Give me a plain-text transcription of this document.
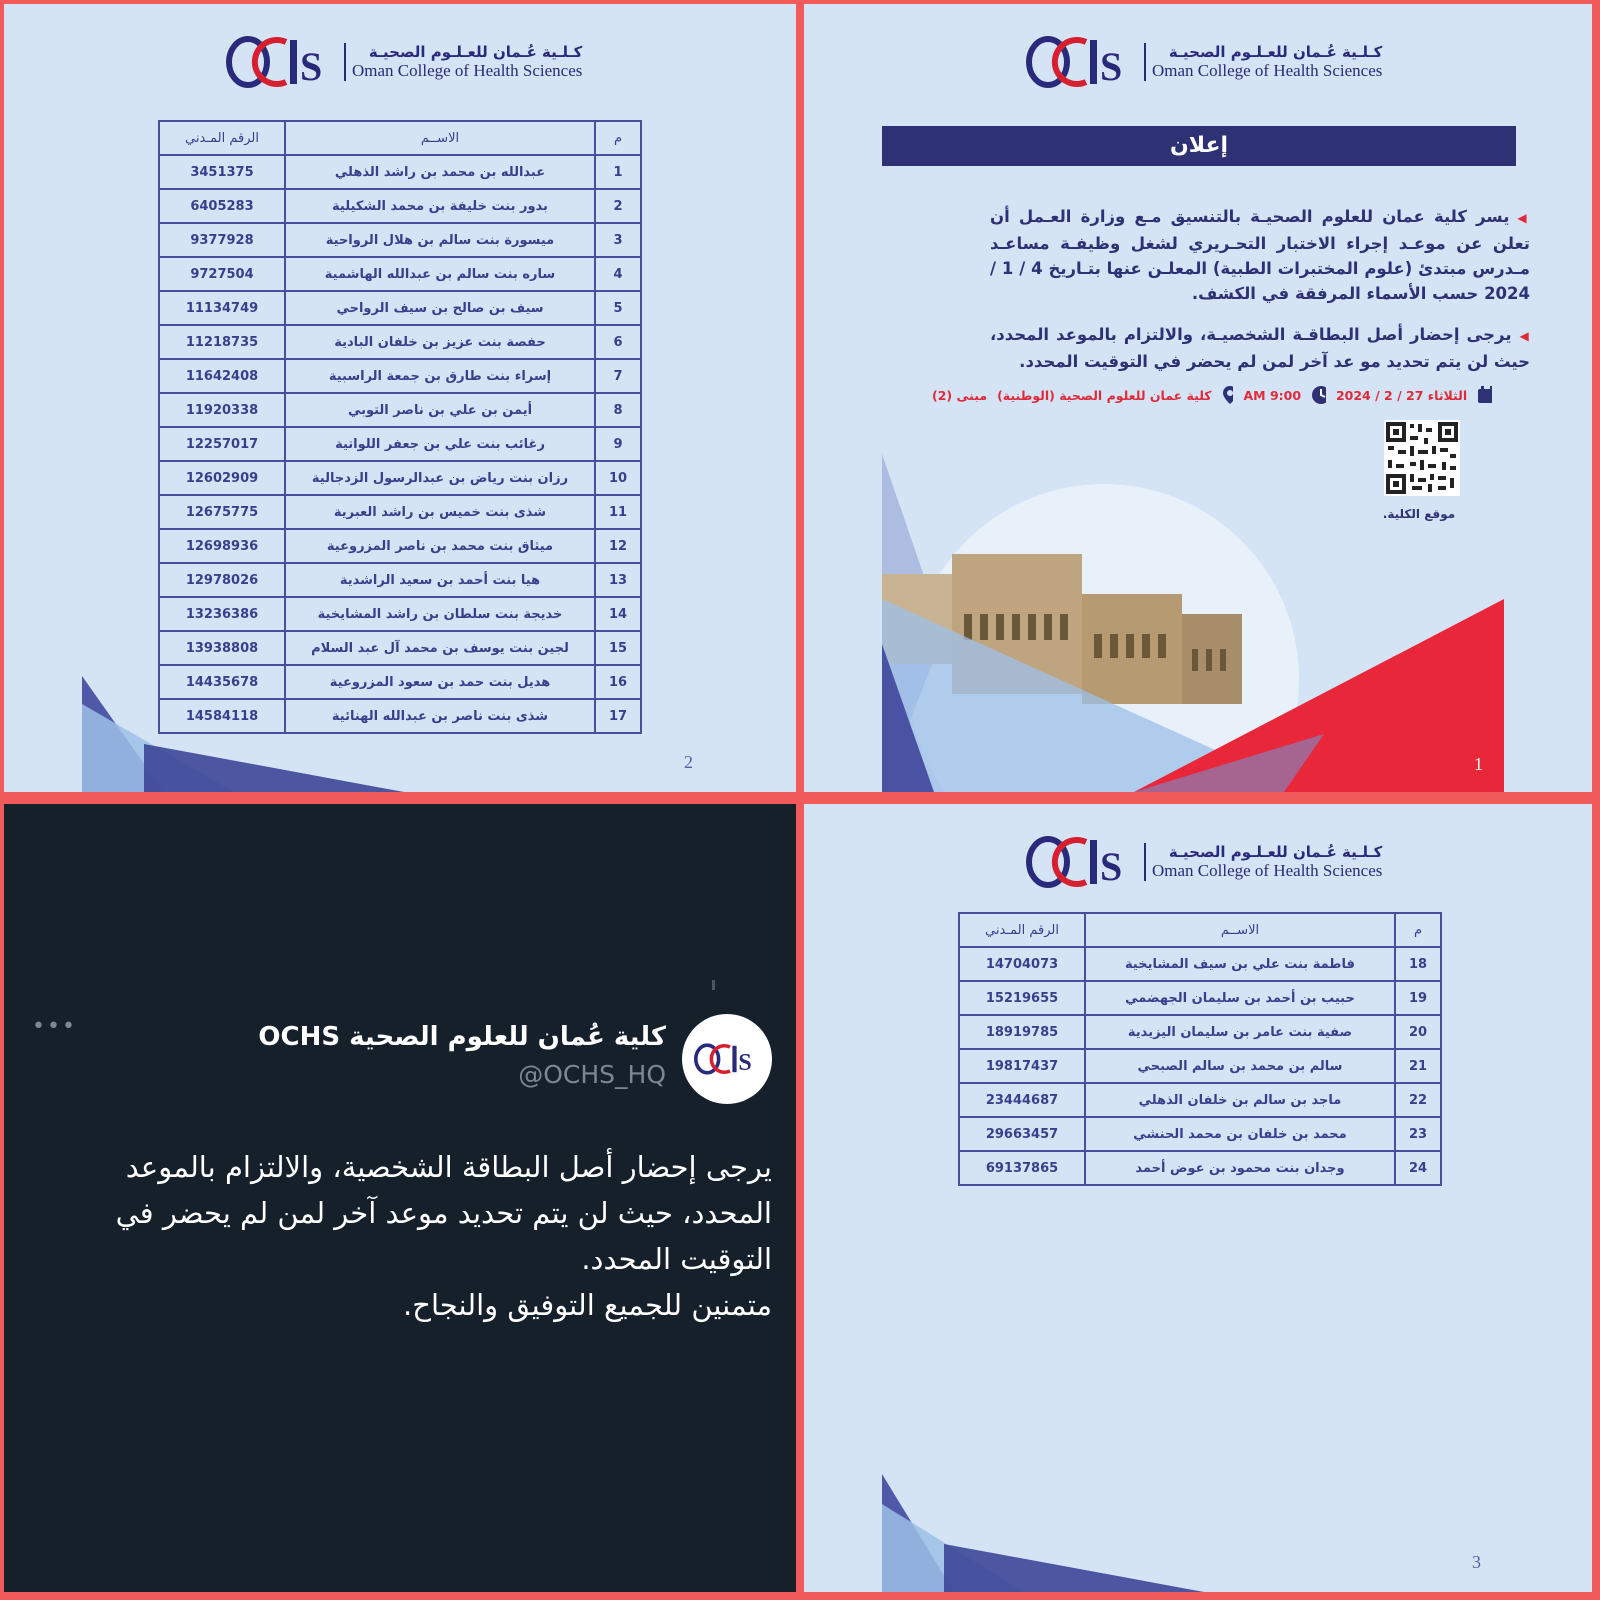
S	كـلـية عُـمان للعـلـوم الصحيـة
Oman College of Health Sciences
م	الاســم	الرقم المـدني
1	عبدالله بن محمد بن راشد الذهلي	3451375
2	بدور بنت خليفة بن محمد الشكيلية	6405283
3	ميسورة بنت سالم بن هلال الرواحية	9377928
4	ساره بنت سالم بن عبدالله الهاشمية	9727504
5	سيف بن صالح بن سيف الرواحي	11134749
6	حفصة بنت عزيز بن خلفان البادية	11218735
7	إسراء بنت طارق بن جمعة الراسبية	11642408
8	أيمن بن علي بن ناصر التوبي	11920338
9	رغائب بنت علي بن جعفر اللواتية	12257017
10	رزان بنت رياض بن عبدالرسول الزدجالية	12602909
11	شذى بنت خميس بن راشد العبرية	12675775
12	ميثاق بنت محمد بن ناصر المزروعية	12698936
13	هيا بنت أحمد بن سعيد الراشدية	12978026
14	خديجة بنت سلطان بن راشد المشايخية	13236386
15	لجين بنت يوسف بن محمد آل عبد السلام	13938808
16	هديل بنت حمد بن سعود المزروعية	14435678
17	شذى بنت ناصر بن عبدالله الهنائية	14584118
2
S	كـلـية عُـمان للعـلـوم الصحيـة
Oman College of Health Sciences
إعلان
◀يسر كلية عمان للعلوم الصحيـة بالتنسيق مـع وزارة العـمل أن تعلن عن موعـد إجراء الاختبار التحـريري لشغل وظيفـة مساعـد مـدرس مبتدئ (علوم المختبرات الطبية) المعلـن عنها بتـاريخ 4 / 1 / 2024 حسب الأسماء المرفقة في الكشف.
◀يرجى إحضار أصل البطاقـة الشخصيـة، والالتزام بالموعد المحدد، حيث لن يتم تحديد مو عد آخر لمن لم يحضر في التوقيت المحدد.
الثلاثاء 27 / 2 / 2024
9:00 AM
كلية عمان للعلوم الصحية (الوطنية)
مبنى (2)
موقع الكلية.
1
S
كلية عُمان للعلوم الصحية OCHS
@OCHS_HQ
•••
يرجى إحضار أصل البطاقة الشخصية، والالتزام بالموعد المحدد، حيث لن يتم تحديد موعد آخر لمن لم يحضر في التوقيت المحدد.
متمنين للجميع التوفيق والنجاح.
S	كـلـية عُـمان للعـلـوم الصحيـة
Oman College of Health Sciences
م	الاســم	الرقم المـدني
18	فاطمة بنت علي بن سيف المشايخية	14704073
19	حبيب بن أحمد بن سليمان الجهضمي	15219655
20	صفية بنت عامر بن سليمان اليزيدية	18919785
21	سالم بن محمد بن سالم الصبحي	19817437
22	ماجد بن سالم بن خلفان الذهلي	23444687
23	محمد بن خلفان بن محمد الحنشي	29663457
24	وجدان بنت محمود بن عوض أحمد	69137865
3
